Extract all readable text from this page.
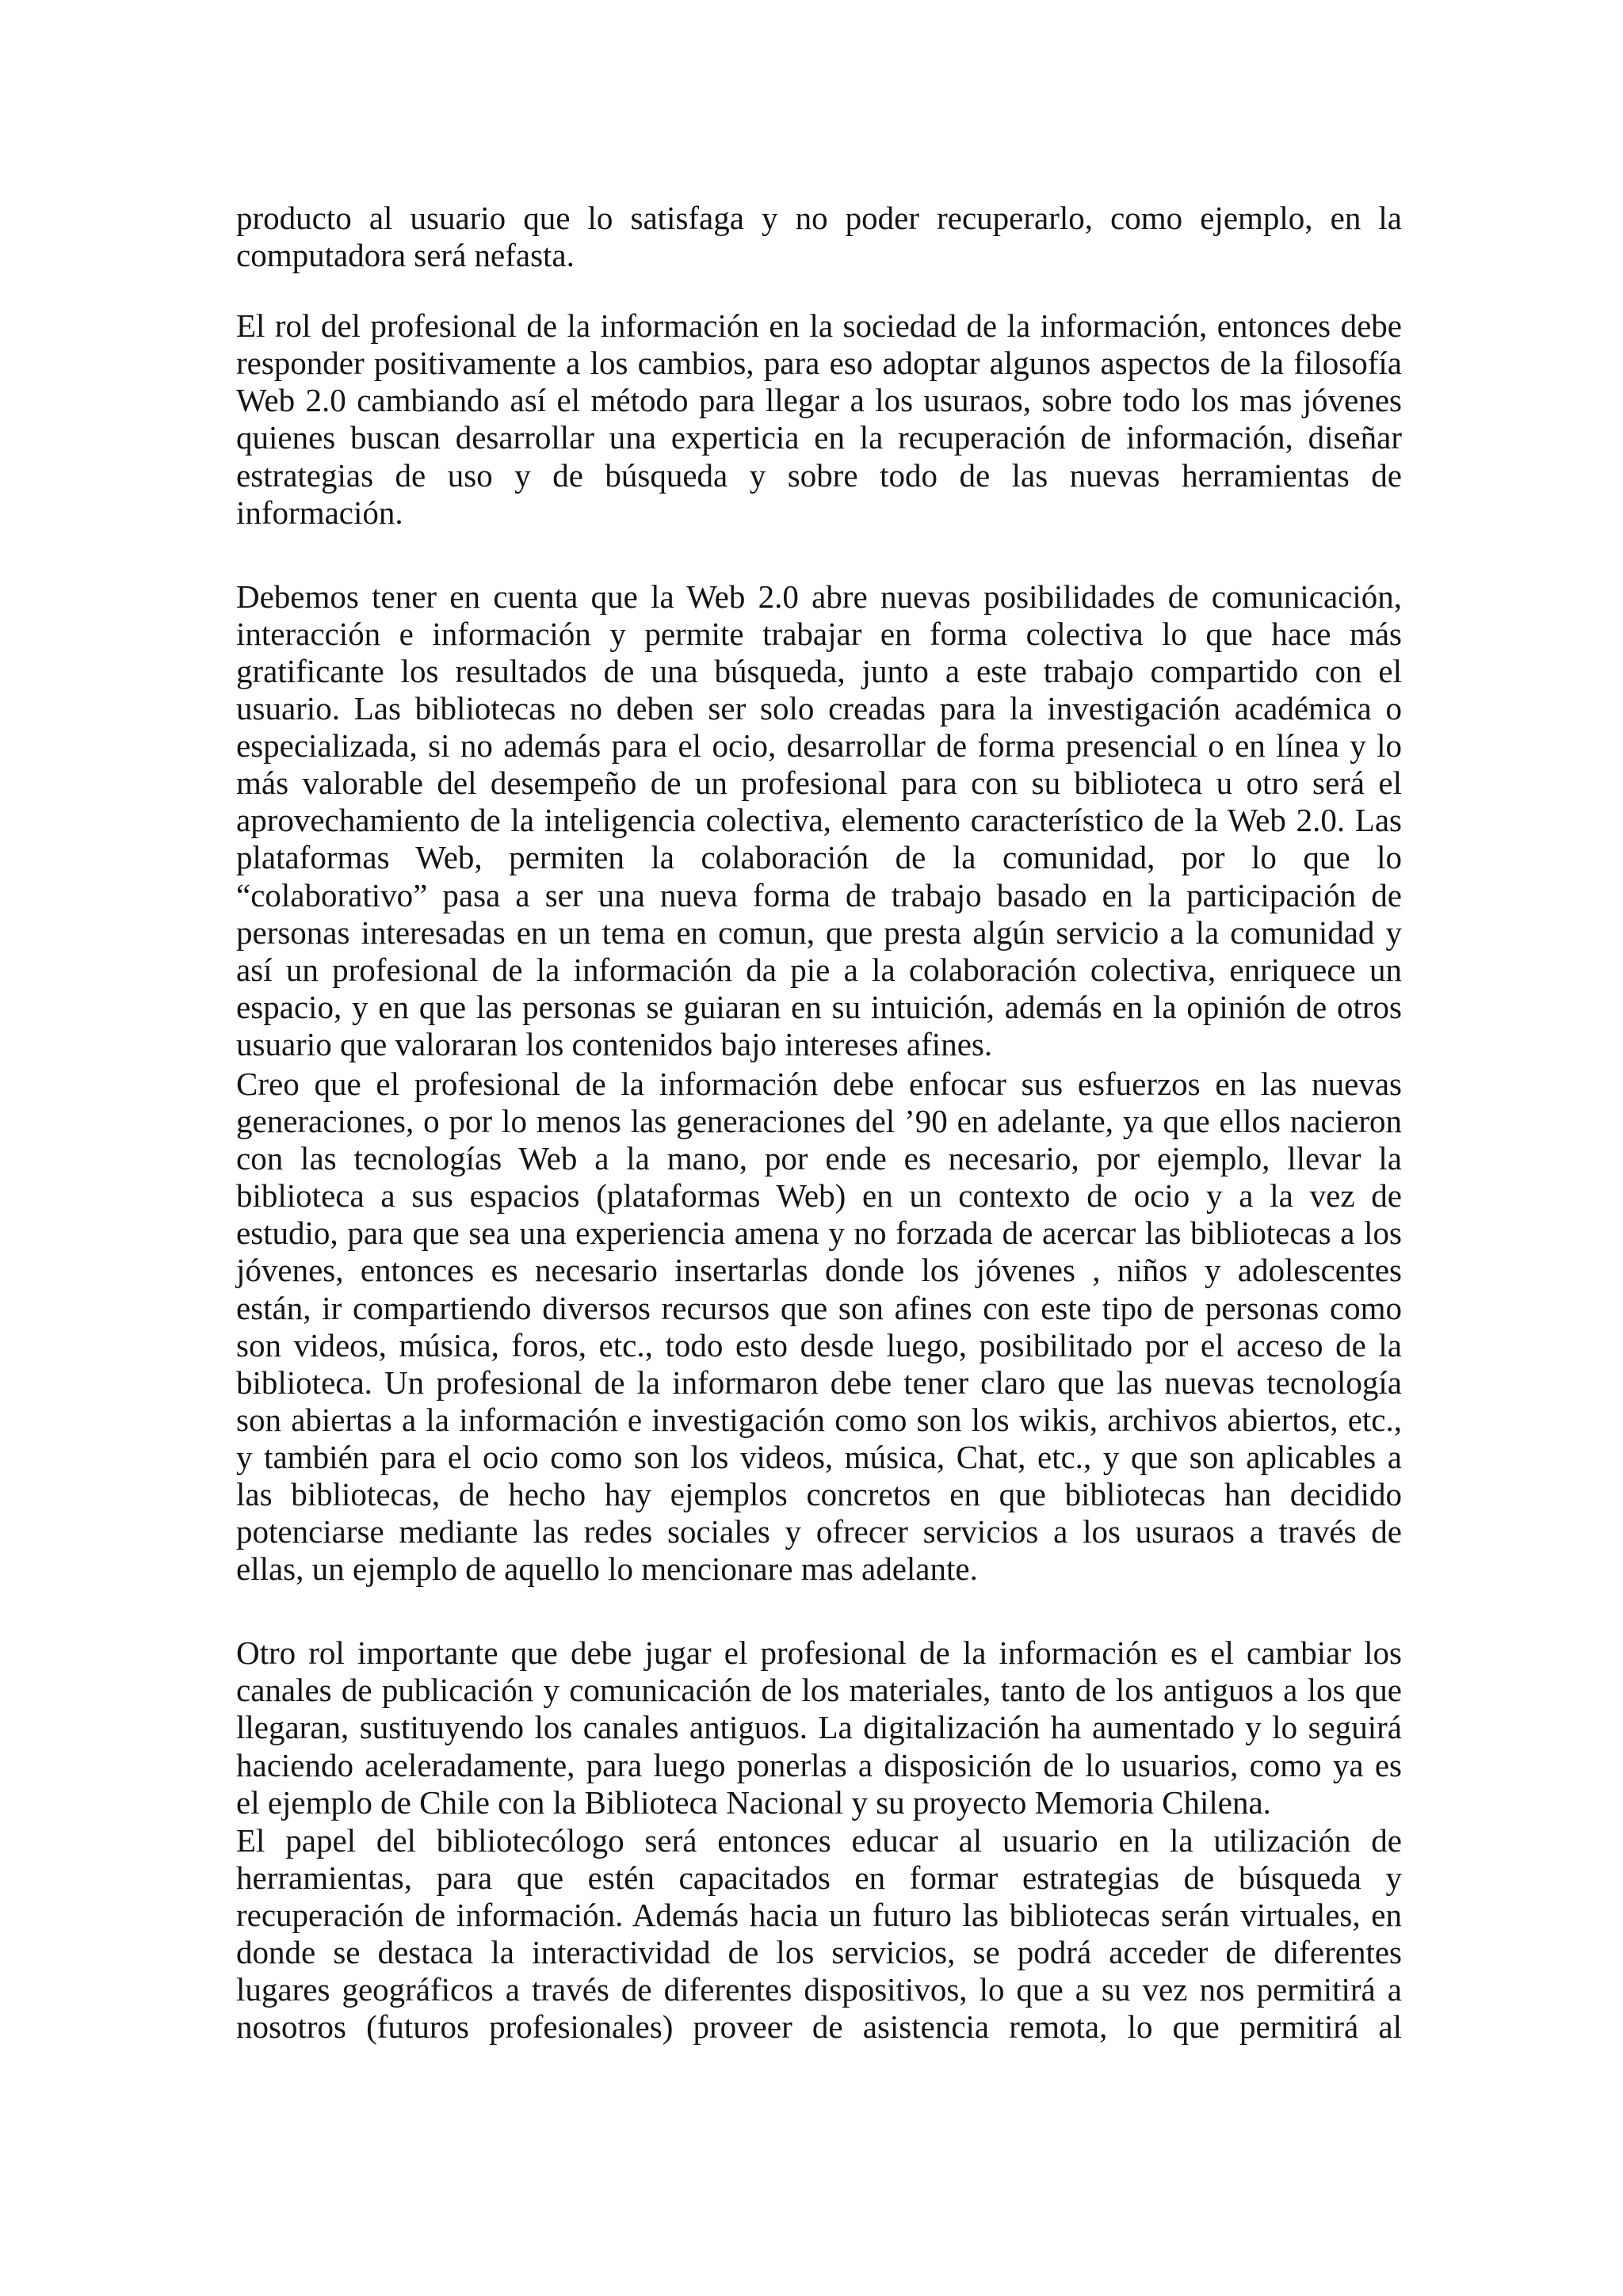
producto al usuario que lo satisfaga y no poder recuperarlo, como ejemplo, en la
computadora será nefasta.
El rol del profesional de la información en la sociedad de la información, entonces debe
responder positivamente a los cambios, para eso adoptar algunos aspectos de la filosofía
Web 2.0 cambiando así el método para llegar a los usuraos, sobre todo los mas jóvenes
quienes buscan desarrollar una experticia en la recuperación de información, diseñar
estrategias de uso y de búsqueda y sobre todo de las nuevas herramientas de
información.
Debemos tener en cuenta que la Web 2.0 abre nuevas posibilidades de comunicación,
interacción e información y permite trabajar en forma colectiva lo que hace más
gratificante los resultados de una búsqueda, junto a este trabajo compartido con el
usuario. Las bibliotecas no deben ser solo creadas para la investigación académica o
especializada, si no además para el ocio, desarrollar de forma presencial o en línea y lo
más valorable del desempeño de un profesional para con su biblioteca u otro será el
aprovechamiento de la inteligencia colectiva, elemento característico de la Web 2.0. Las
plataformas Web, permiten la colaboración de la comunidad, por lo que lo
“colaborativo” pasa a ser una nueva forma de trabajo basado en la participación de
personas interesadas en un tema en comun, que presta algún servicio a la comunidad y
así un profesional de la información da pie a la colaboración colectiva, enriquece un
espacio, y en que las personas se guiaran en su intuición, además en la opinión de otros
usuario que valoraran los contenidos bajo intereses afines.
Creo que el profesional de la información debe enfocar sus esfuerzos en las nuevas
generaciones, o por lo menos las generaciones del ’90 en adelante, ya que ellos nacieron
con las tecnologías Web a la mano, por ende es necesario, por ejemplo, llevar la
biblioteca a sus espacios (plataformas Web) en un contexto de ocio y a la vez de
estudio, para que sea una experiencia amena y no forzada de acercar las bibliotecas a los
jóvenes, entonces es necesario insertarlas donde los jóvenes , niños y adolescentes
están, ir compartiendo diversos recursos que son afines con este tipo de personas como
son videos, música, foros, etc., todo esto desde luego, posibilitado por el acceso de la
biblioteca. Un profesional de la informaron debe tener claro que las nuevas tecnología
son abiertas a la información e investigación como son los wikis, archivos abiertos, etc.,
y también para el ocio como son los videos, música, Chat, etc., y que son aplicables a
las bibliotecas, de hecho hay ejemplos concretos en que bibliotecas han decidido
potenciarse mediante las redes sociales y ofrecer servicios a los usuraos a través de
ellas, un ejemplo de aquello lo mencionare mas adelante.
Otro rol importante que debe jugar el profesional de la información es el cambiar los
canales de publicación y comunicación de los materiales, tanto de los antiguos a los que
llegaran, sustituyendo los canales antiguos. La digitalización ha aumentado y lo seguirá
haciendo aceleradamente, para luego ponerlas a disposición de lo usuarios, como ya es
el ejemplo de Chile con la Biblioteca Nacional y su proyecto Memoria Chilena.
El papel del bibliotecólogo será entonces educar al usuario en la utilización de
herramientas, para que estén capacitados en formar estrategias de búsqueda y
recuperación de información. Además hacia un futuro las bibliotecas serán virtuales, en
donde se destaca la interactividad de los servicios, se podrá acceder de diferentes
lugares geográficos a través de diferentes dispositivos, lo que a su vez nos permitirá a
nosotros (futuros profesionales) proveer de asistencia remota, lo que permitirá al
